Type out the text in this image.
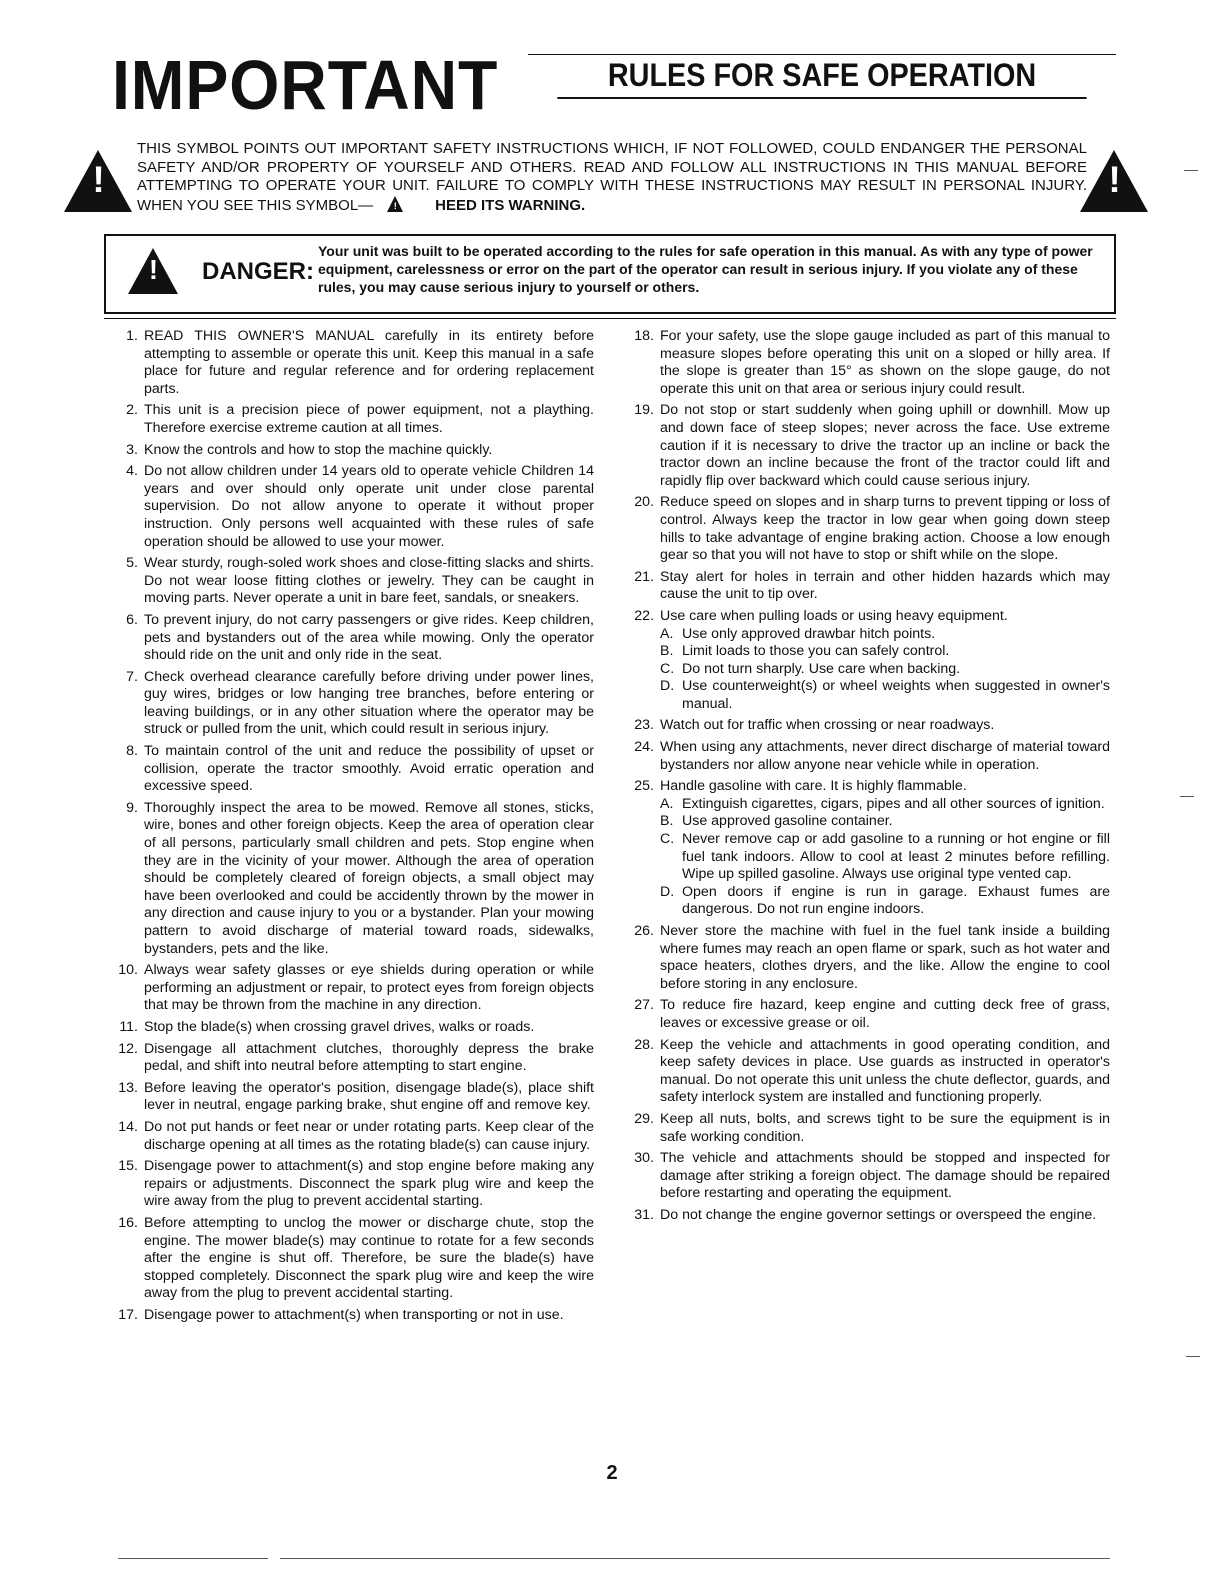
IMPORTANT	RULES FOR SAFE OPERATION
!
!
THIS SYMBOL POINTS OUT IMPORTANT SAFETY INSTRUCTIONS WHICH, IF NOT FOLLOWED, COULD ENDANGER THE PERSONAL SAFETY AND/OR PROPERTY OF YOURSELF AND OTHERS. READ AND FOLLOW ALL INSTRUCTIONS IN THIS MANUAL BEFORE ATTEMPTING TO OPERATE YOUR UNIT. FAILURE TO COMPLY WITH THESE INSTRUCTIONS MAY RESULT IN PERSONAL INJURY. WHEN YOU SEE THIS SYMBOL—!	HEED ITS WARNING.
!
DANGER:
Your unit was built to be operated according to the rules for safe operation in this manual. As with any type of power equipment, carelessness or error on the part of the operator can result in serious injury. If you violate any of these rules, you may cause serious injury to yourself or others.
1. READ THIS OWNER'S MANUAL carefully in its entirety before attempting to assemble or operate this unit. Keep this manual in a safe place for future and regular reference and for ordering replacement parts.
2. This unit is a precision piece of power equipment, not a plaything. Therefore exercise extreme caution at all times.
3. Know the controls and how to stop the machine quickly.
4. Do not allow children under 14 years old to operate vehicle Children 14 years and over should only operate unit under close parental supervision. Do not allow anyone to operate it without proper instruction. Only persons well acquainted with these rules of safe operation should be allowed to use your mower.
5. Wear sturdy, rough-soled work shoes and close-fitting slacks and shirts. Do not wear loose fitting clothes or jewelry. They can be caught in moving parts. Never operate a unit in bare feet, sandals, or sneakers.
6. To prevent injury, do not carry passengers or give rides. Keep children, pets and bystanders out of the area while mowing. Only the operator should ride on the unit and only ride in the seat.
7. Check overhead clearance carefully before driving under power lines, guy wires, bridges or low hanging tree branches, before entering or leaving buildings, or in any other situation where the operator may be struck or pulled from the unit, which could result in serious injury.
8. To maintain control of the unit and reduce the possibility of upset or collision, operate the tractor smoothly. Avoid erratic operation and excessive speed.
9. Thoroughly inspect the area to be mowed. Remove all stones, sticks, wire, bones and other foreign objects. Keep the area of operation clear of all persons, particularly small children and pets. Stop engine when they are in the vicinity of your mower. Although the area of operation should be completely cleared of foreign objects, a small object may have been overlooked and could be accidently thrown by the mower in any direction and cause injury to you or a bystander. Plan your mowing pattern to avoid discharge of material toward roads, sidewalks, bystanders, pets and the like.
10. Always wear safety glasses or eye shields during operation or while performing an adjustment or repair, to protect eyes from foreign objects that may be thrown from the machine in any direction.
11. Stop the blade(s) when crossing gravel drives, walks or roads.
12. Disengage all attachment clutches, thoroughly depress the brake pedal, and shift into neutral before attempting to start engine.
13. Before leaving the operator's position, disengage blade(s), place shift lever in neutral, engage parking brake, shut engine off and remove key.
14. Do not put hands or feet near or under rotating parts. Keep clear of the discharge opening at all times as the rotating blade(s) can cause injury.
15. Disengage power to attachment(s) and stop engine before making any repairs or adjustments. Disconnect the spark plug wire and keep the wire away from the plug to prevent accidental starting.
16. Before attempting to unclog the mower or discharge chute, stop the engine. The mower blade(s) may continue to rotate for a few seconds after the engine is shut off. Therefore, be sure the blade(s) have stopped completely. Disconnect the spark plug wire and keep the wire away from the plug to prevent accidental starting.
17. Disengage power to attachment(s) when transporting or not in use.
18. For your safety, use the slope gauge included as part of this manual to measure slopes before operating this unit on a sloped or hilly area. If the slope is greater than 15° as shown on the slope gauge, do not operate this unit on that area or serious injury could result.
19. Do not stop or start suddenly when going uphill or downhill. Mow up and down face of steep slopes; never across the face. Use extreme caution if it is necessary to drive the tractor up an incline or back the tractor down an incline because the front of the tractor could lift and rapidly flip over backward which could cause serious injury.
20. Reduce speed on slopes and in sharp turns to prevent tipping or loss of control. Always keep the tractor in low gear when going down steep hills to take advantage of engine braking action. Choose a low enough gear so that you will not have to stop or shift while on the slope.
21. Stay alert for holes in terrain and other hidden hazards which may cause the unit to tip over.
22. Use care when pulling loads or using heavy equipment.
A. Use only approved drawbar hitch points.
B. Limit loads to those you can safely control.
C. Do not turn sharply. Use care when backing.
D. Use counterweight(s) or wheel weights when suggested in owner's manual.
23. Watch out for traffic when crossing or near roadways.
24. When using any attachments, never direct discharge of material toward bystanders nor allow anyone near vehicle while in operation.
25. Handle gasoline with care. It is highly flammable.
A. Extinguish cigarettes, cigars, pipes and all other sources of ignition.
B. Use approved gasoline container.
C. Never remove cap or add gasoline to a running or hot engine or fill fuel tank indoors. Allow to cool at least 2 minutes before refilling. Wipe up spilled gasoline. Always use original type vented cap.
D. Open doors if engine is run in garage. Exhaust fumes are dangerous. Do not run engine indoors.
26. Never store the machine with fuel in the fuel tank inside a building where fumes may reach an open flame or spark, such as hot water and space heaters, clothes dryers, and the like. Allow the engine to cool before storing in any enclosure.
27. To reduce fire hazard, keep engine and cutting deck free of grass, leaves or excessive grease or oil.
28. Keep the vehicle and attachments in good operating condition, and keep safety devices in place. Use guards as instructed in operator's manual. Do not operate this unit unless the chute deflector, guards, and safety interlock system are installed and functioning properly.
29. Keep all nuts, bolts, and screws tight to be sure the equipment is in safe working condition.
30. The vehicle and attachments should be stopped and inspected for damage after striking a foreign object. The damage should be repaired before restarting and operating the equipment.
31. Do not change the engine governor settings or overspeed the engine.
2
